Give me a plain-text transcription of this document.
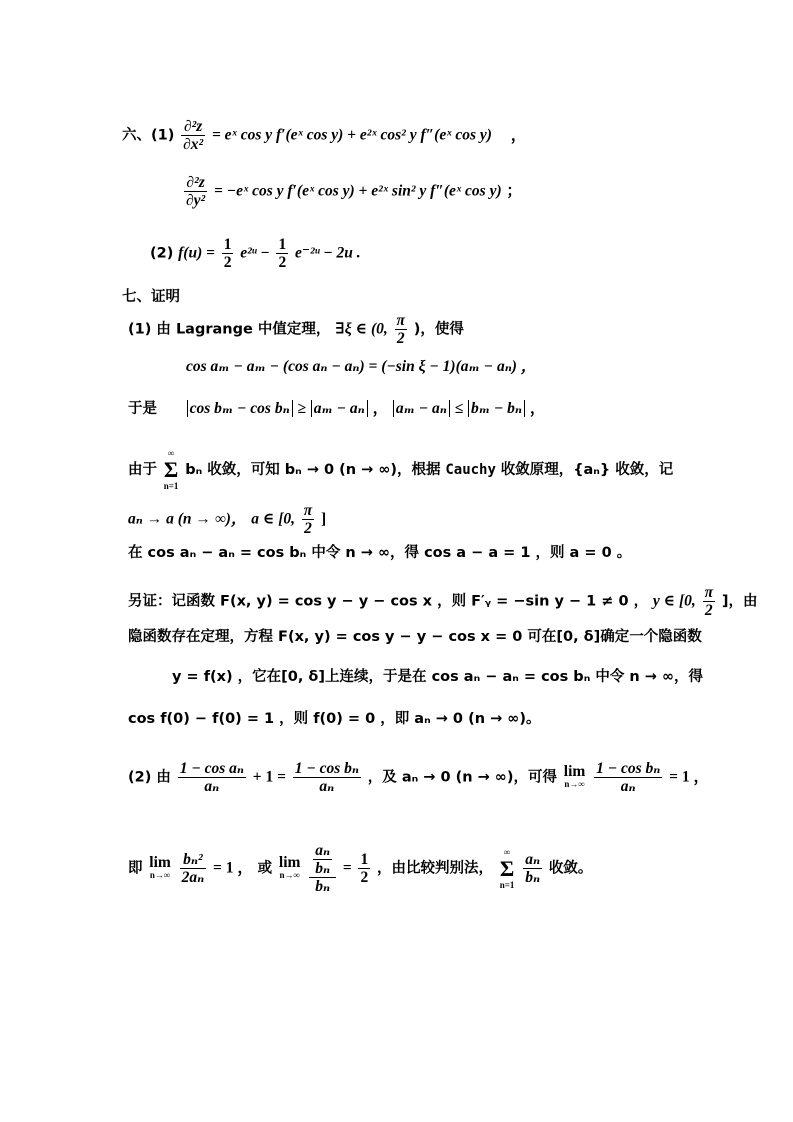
六、$(1) \frac{\text{∂²z}}{\text{∂x²}}$ = eˣ cos y f′(eˣ cos y) + e²ˣ cos² y f″(eˣ cos y) ，
$\frac{\text{∂²z}}{\text{∂y²}}$ = −eˣ cos y f′(eˣ cos y) + e²ˣ sin² y f″(eˣ cos y) ；
(2) $f(u) = \frac{1}{2}$ e²ᵘ − $\frac{1}{2}$ e⁻²ᵘ − 2u .
七、证明
(1) 由 Lagrange 中值定理， ∃ξ ∈ (0, $\frac{\pi}{2}$ )，使得
cos aₘ − aₘ − (cos aₙ − aₙ) = (−sin ξ − 1)(aₘ − aₙ) ，
于是 cos bₘ − cos bₙ ≥ aₘ − aₙ ， aₘ − aₙ ≤ bₘ − bₙ ，
由于
∞
Σ
n=1
bₙ 收敛，可知 bₙ → 0 (n → ∞)，根据 Cauchy 收敛原理，{aₙ} 收敛，记
aₙ → a (n → ∞)， a ∈ [0, $\frac{\pi}{2}$ ]
在 cos aₙ − aₙ = cos bₙ 中令 n → ∞，得 cos a − a = 1 ，则 a = 0 。
另证：记函数 F(x, y) = cos y − y − cos x ，则 F′ᵧ = −sin y − 1 ≠ 0 ， y ∈ [0, $\frac{\pi}{2}$ ]，由
隐函数存在定理，方程 F(x, y) = cos y − y − cos x = 0 可在[0, δ]确定一个隐函数
y = f(x) ，它在[0, δ]上连续，于是在 cos aₙ − aₙ = cos bₙ 中令 n → ∞，得
cos f(0) − f(0) = 1 ，则 f(0) = 0 ，即 aₙ → 0 (n → ∞)。
(2) 由 $\frac{\text{1 − cos aₙ}}{\text{aₙ}} + 1 = \frac{\text{1 − cos bₙ}}{\text{aₙ}}$ ，及 aₙ → 0 (n → ∞)，可得 lim
n→∞
$\frac{\text{1 − cos bₙ}}{\text{aₙ}} = 1$ ，
即 lim
n→∞
$\frac{\text{bₙ²}}{\text{2aₙ}} = 1$ ， 或 lim
n→∞
$\frac{\frac{\text{aₙ}}{\text{bₙ}}}{\text{bₙ}} = \frac{1}{2}$ ，由比较判别法，
∞
Σ
n=1
$\frac{\text{aₙ}}{\text{bₙ}}$ 收敛。
